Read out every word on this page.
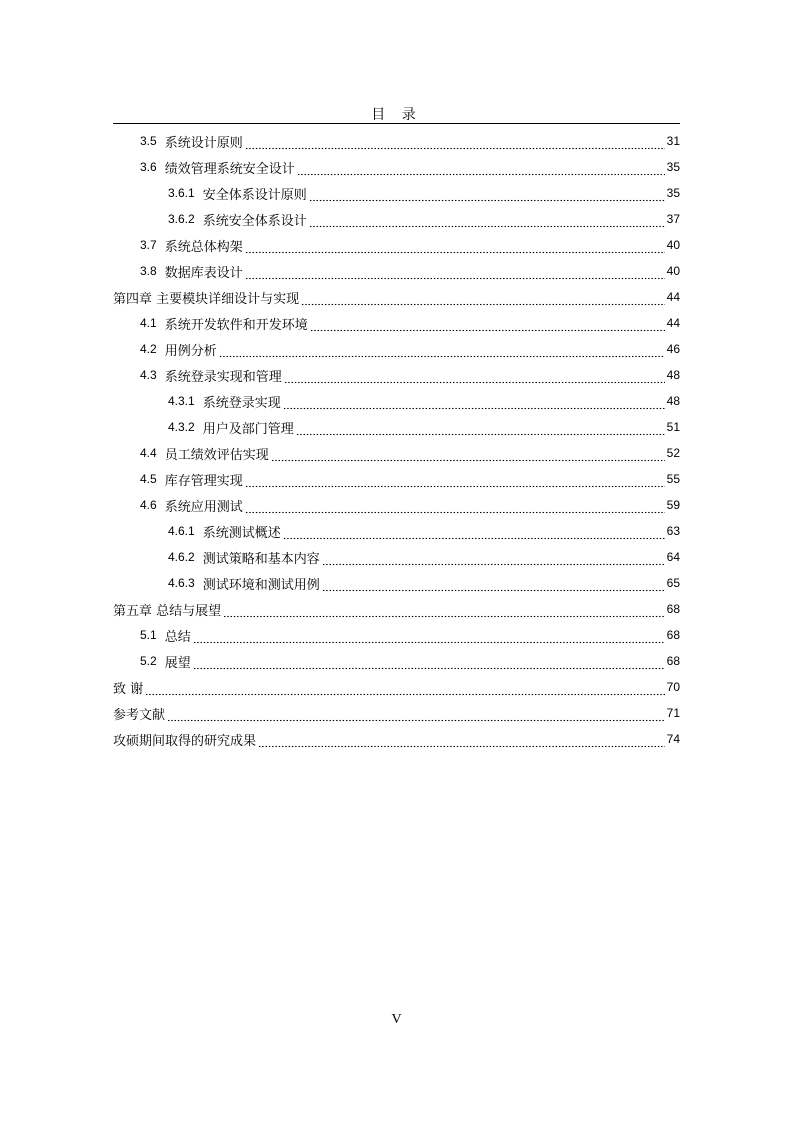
目 录
3.5 系统设计原则	31
3.6 绩效管理系统安全设计	35
3.6.1 安全体系设计原则	35
3.6.2 系统安全体系设计	37
3.7 系统总体构架	40
3.8 数据库表设计	40
第四章 主要模块详细设计与实现	44
4.1 系统开发软件和开发环境	44
4.2 用例分析	46
4.3 系统登录实现和管理	48
4.3.1 系统登录实现	48
4.3.2 用户及部门管理	51
4.4 员工绩效评估实现	52
4.5 库存管理实现	55
4.6 系统应用测试	59
4.6.1 系统测试概述	63
4.6.2 测试策略和基本内容	64
4.6.3 测试环境和测试用例	65
第五章 总结与展望	68
5.1 总结	68
5.2 展望	68
致 谢	70
参考文献	71
攻硕期间取得的研究成果	74
V
